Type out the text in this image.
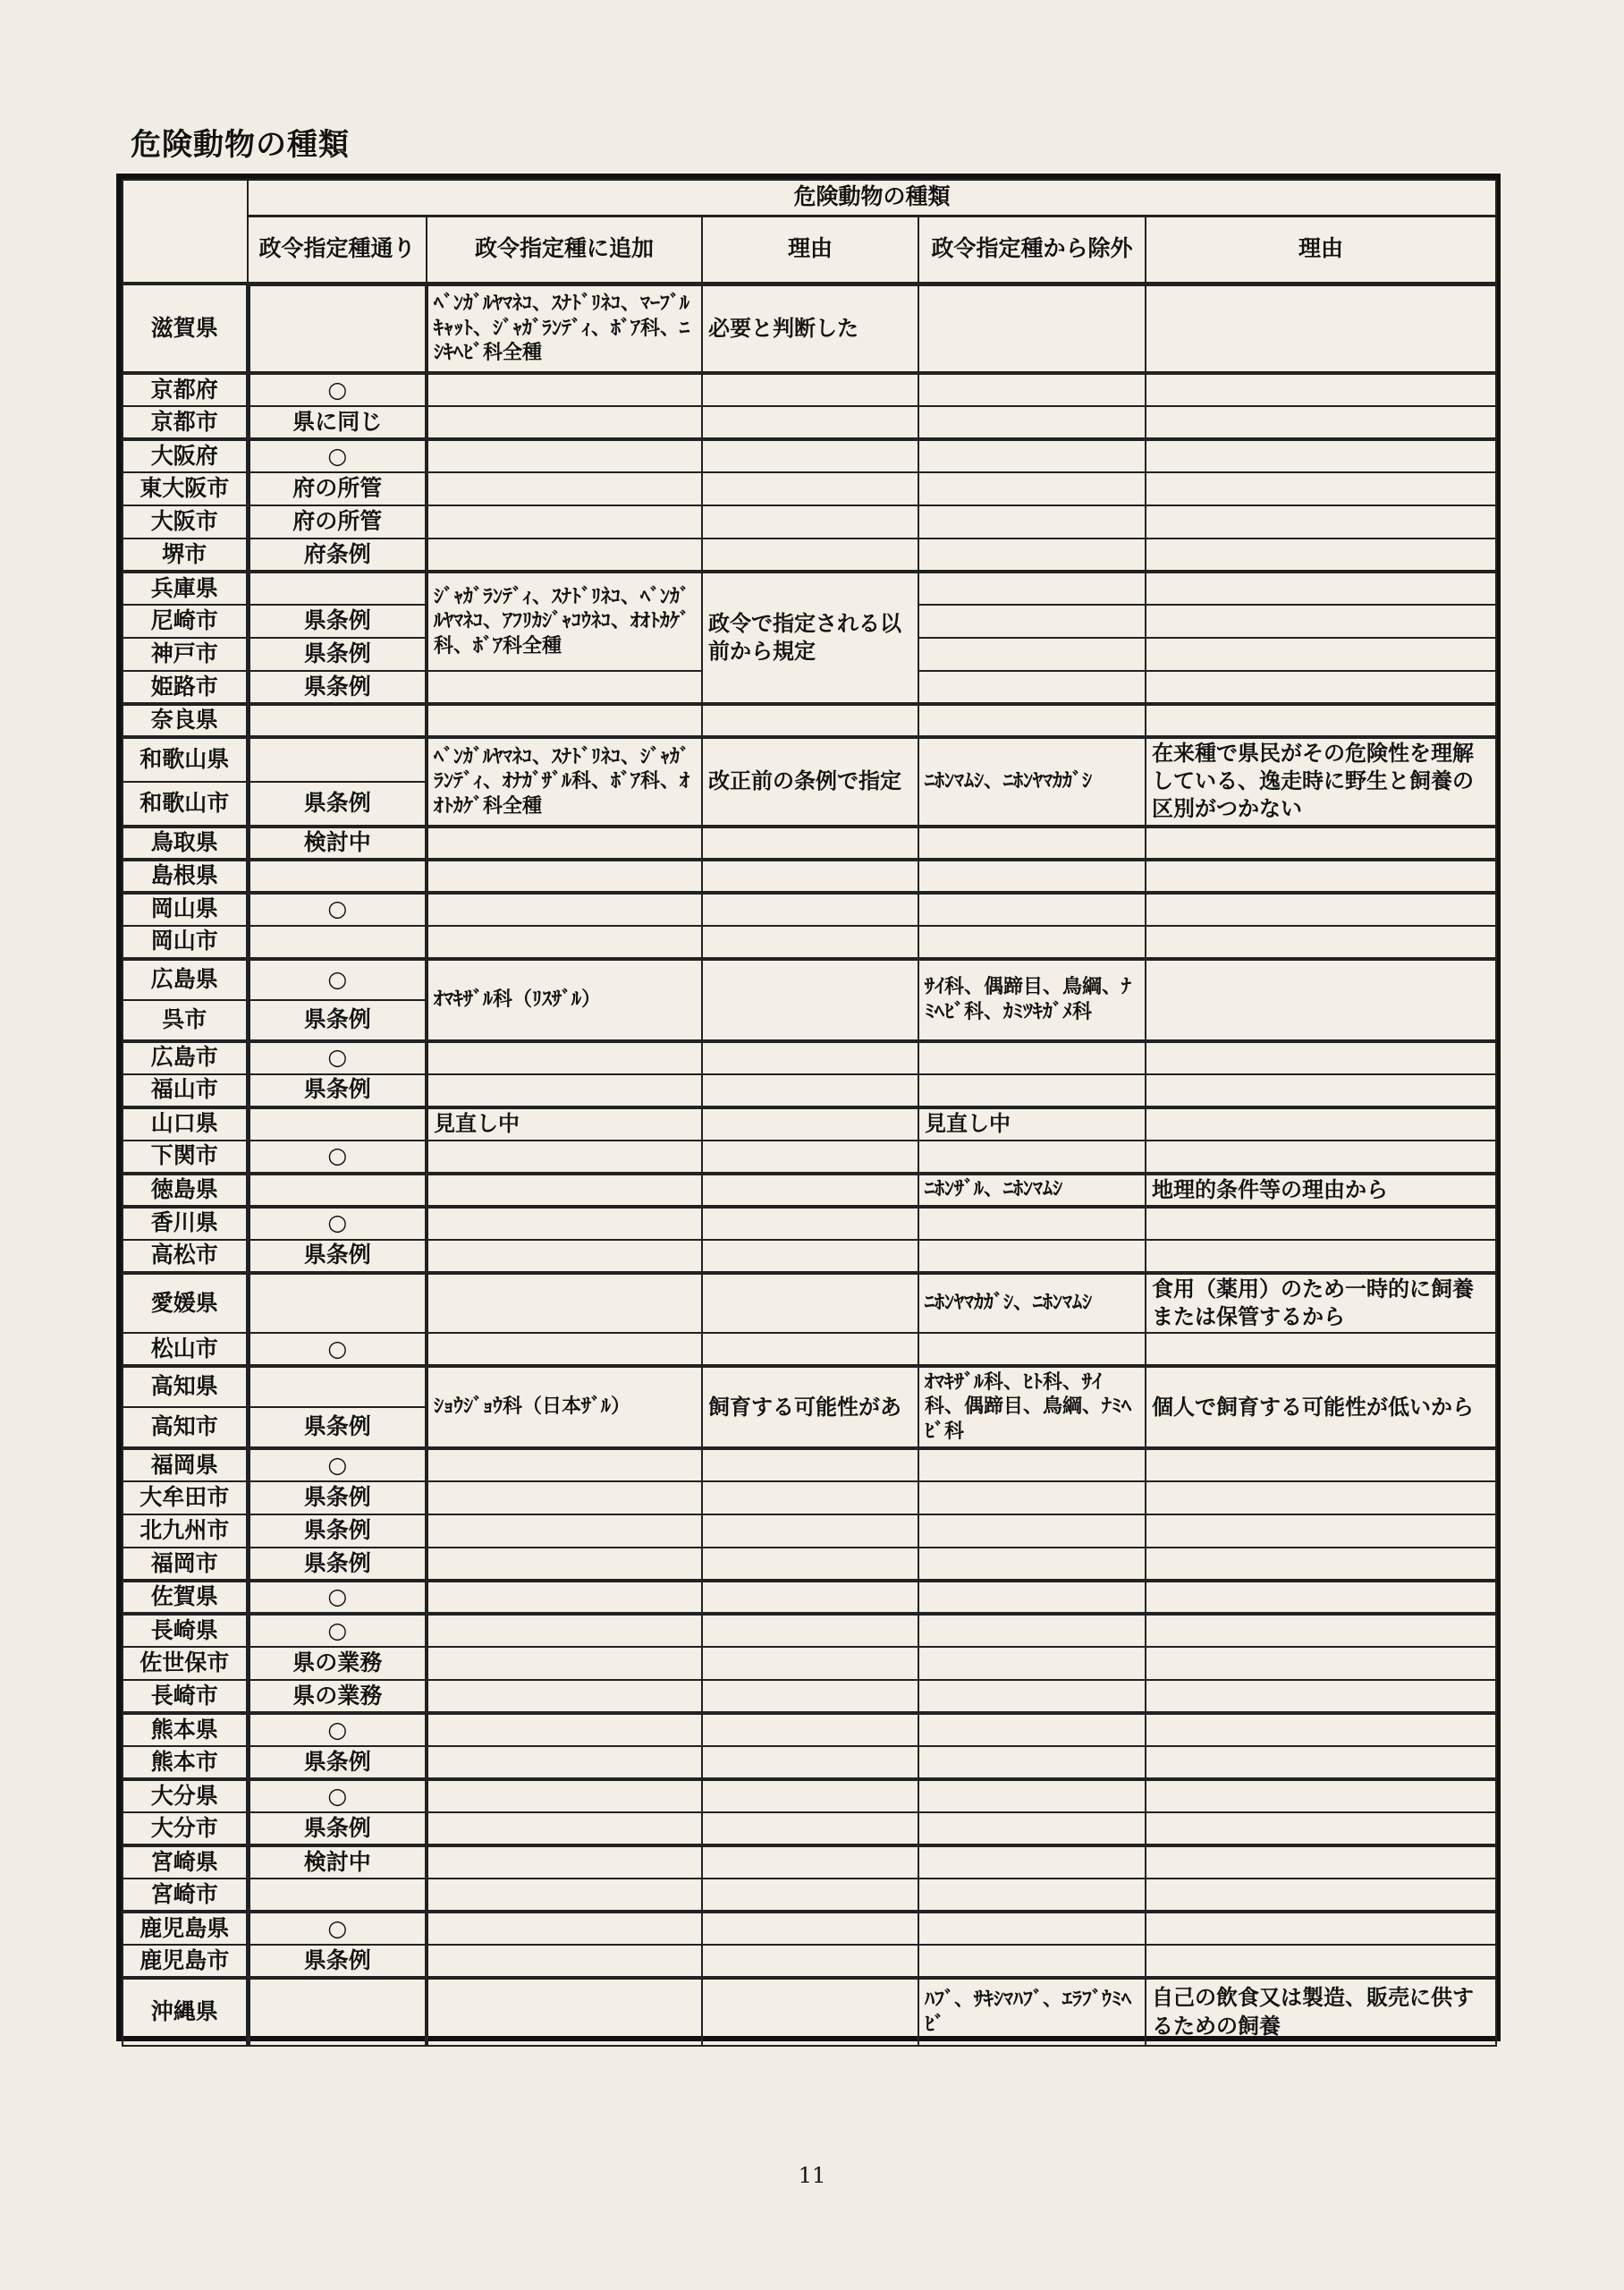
危険動物の種類
	危険動物の種類				
	政令指定種通り	政令指定種に追加	理由	政令指定種から除外	理由
滋賀県		ﾍﾞﾝｶﾞﾙﾔﾏﾈｺ、ｽﾅﾄﾞﾘﾈｺ、ﾏｰﾌﾞﾙｷｬｯﾄ、ｼﾞｬｶﾞﾗﾝﾃﾞｨ、ﾎﾞｱ科、ﾆｼｷﾍﾋﾞ科全種	必要と判断した		
京都府	○				
京都市	県に同じ				
大阪府	○				
東大阪市	府の所管				
大阪市	府の所管				
堺市	府条例				
兵庫県		ｼﾞｬｶﾞﾗﾝﾃﾞｨ、ｽﾅﾄﾞﾘﾈｺ、ﾍﾞﾝｶﾞﾙﾔﾏﾈｺ、ｱﾌﾘｶｼﾞｬｺｳﾈｺ、ｵｵﾄｶｹﾞ科、ﾎﾞｱ科全種	政令で指定される以前から規定		
尼崎市	県条例				
神戸市	県条例				
姫路市	県条例				
奈良県					
和歌山県		ﾍﾞﾝｶﾞﾙﾔﾏﾈｺ、ｽﾅﾄﾞﾘﾈｺ、ｼﾞｬｶﾞﾗﾝﾃﾞｨ、ｵﾅｶﾞｻﾞﾙ科、ﾎﾞｱ科、ｵｵﾄｶｹﾞ科全種	改正前の条例で指定	ﾆﾎﾝﾏﾑｼ、ﾆﾎﾝﾔﾏｶｶﾞｼ	在来種で県民がその危険性を理解している、逸走時に野生と飼養の区別がつかない
和歌山市	県条例				
鳥取県	検討中				
島根県					
岡山県	○				
岡山市					
広島県	○	ｵﾏｷｻﾞﾙ科（ﾘｽｻﾞﾙ）		ｻｲ科、偶蹄目、鳥綱、ﾅﾐﾍﾋﾞ科、ｶﾐﾂｷｶﾞﾒ科	
呉市	県条例				
広島市	○				
福山市	県条例				
山口県		見直し中		見直し中	
下関市	○				
徳島県				ﾆﾎﾝｻﾞﾙ、ﾆﾎﾝﾏﾑｼ	地理的条件等の理由から
香川県	○				
高松市	県条例				
愛媛県				ﾆﾎﾝﾔﾏｶｶﾞｼ、ﾆﾎﾝﾏﾑｼ	食用（薬用）のため一時的に飼養または保管するから
松山市	○				
高知県		ｼｮｳｼﾞｮｳ科（日本ｻﾞﾙ）	飼育する可能性があ	ｵﾏｷｻﾞﾙ科、ﾋﾄ科、ｻｲ科、偶蹄目、鳥綱、ﾅﾐﾍﾋﾞ科	個人で飼育する可能性が低いから
高知市	県条例				
福岡県	○				
大牟田市	県条例				
北九州市	県条例				
福岡市	県条例				
佐賀県	○				
長崎県	○				
佐世保市	県の業務				
長崎市	県の業務				
熊本県	○				
熊本市	県条例				
大分県	○				
大分市	県条例				
宮崎県	検討中				
宮崎市					
鹿児島県	○				
鹿児島市	県条例				
沖縄県				ﾊﾌﾞ、ｻｷｼﾏﾊﾌﾞ、ｴﾗﾌﾞｳﾐﾍﾋﾞ	自己の飲食又は製造、販売に供するための飼養
11
